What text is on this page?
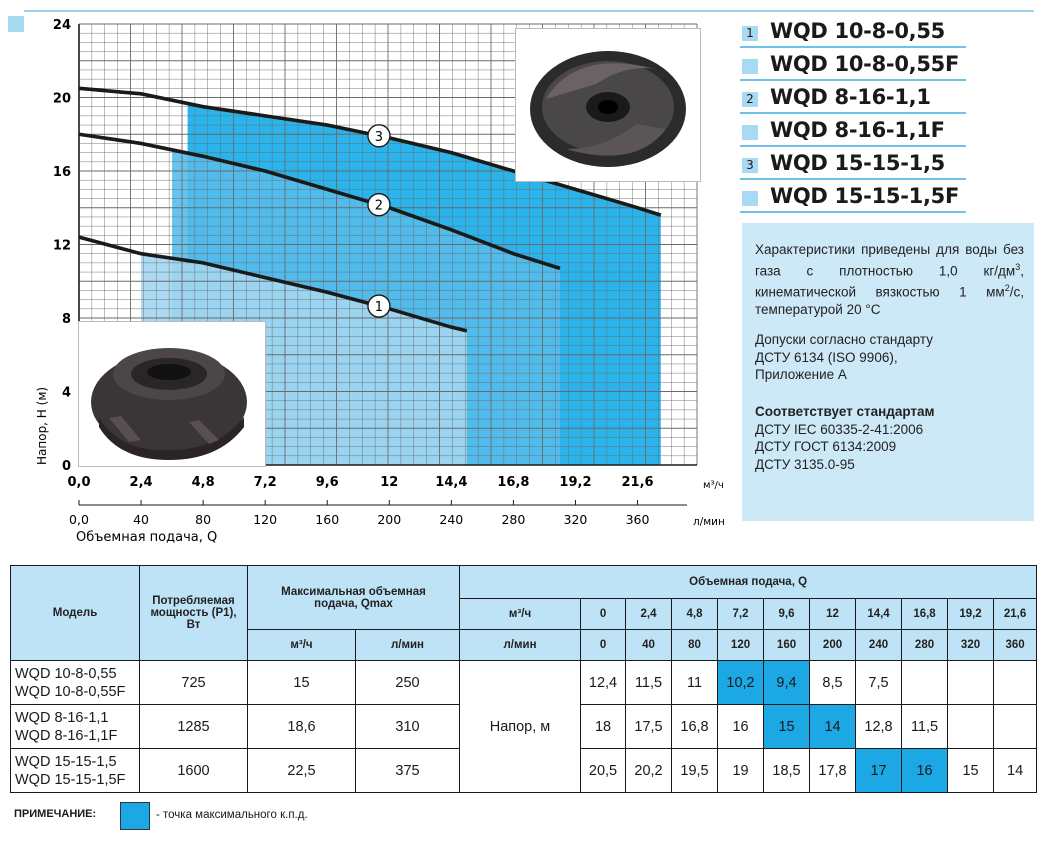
0
4
8
12
16
20
24
0,0	2,4	4,8	7,2	9,6	12	14,4 16,8 19,2 21,6	м³/ч
0,0	40	80	120	160	200	240	280	320	360	л/мин
Объемная подача, Q
Напор, Н (м)
1
2
3
1 WQD 10-8-0,55
WQD 10-8-0,55F
2 WQD 8-16-1,1
WQD 8-16-1,1F
3 WQD 15-15-1,5
WQD 15-15-1,5F

Характеристики приведены для воды без газа с плотностью 1,0 $кг/дм^3$, кинематической вязкостью 1 $мм^2/с$, температурой 20 °С

Допуски согласно стандарту
ДСТУ 6134 (ISO 9906),
Приложение А

Соответствует стандартам
ДСТУ IEC 60335-2-41:2006
ДСТУ ГОСТ 6134:2009
ДСТУ 3135.0-95

Модель	Потребляемая мощность (Р1), Вт	Максимальная объемная подача, Qmax		Объемная подача, Q										
				м³/ч	0	2,4	4,8	7,2	9,6	12	14,4	16,8	19,2	21,6
		м³/ч	л/мин	л/мин	0	40	80	120	160	200	240	280	320	360
WQD 10-8-0,55
WQD 10-8-0,55F	725	15	250	Напор, м	12,4	11,5	11	10,2	9,4	8,5	7,5			
WQD 8-16-1,1
WQD 8-16-1,1F	1285	18,6	310		18	17,5	16,8	16	15	14	12,8	11,5		
WQD 15-15-1,5
WQD 15-15-1,5F	1600	22,5	375		20,5	20,2	19,5	19	18,5	17,8	17	16	15	14
ПРИМЕЧАНИЕ:	- точка максимального к.п.д.
